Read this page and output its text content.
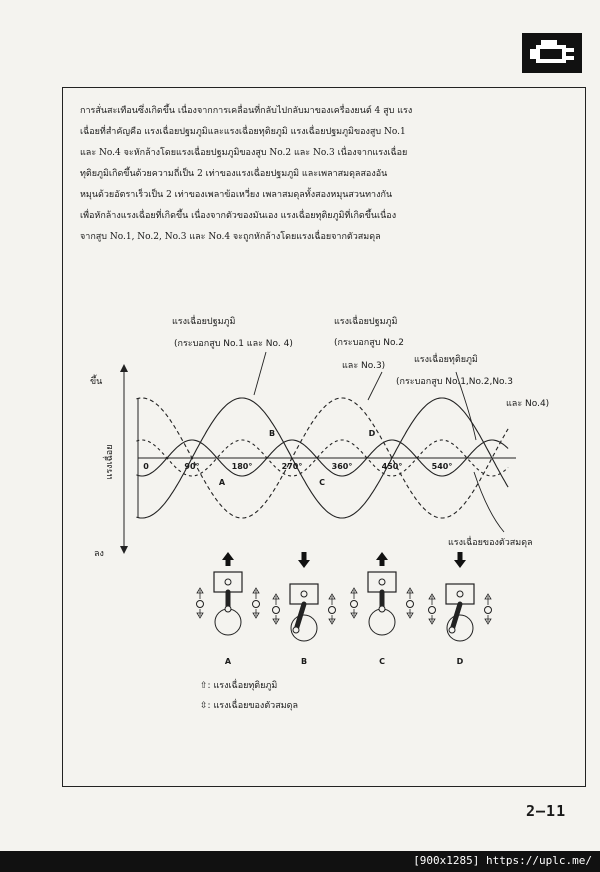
การสั่นสะเทือนซึ่งเกิดขึ้น เนื่องจากการเคลื่อนที่กลับไปกลับมาของเครื่องยนต์ 4 สูบ แรง
เฉื่อยที่สำคัญคือ แรงเฉื่อยปฐมภูมิและแรงเฉื่อยทุติยภูมิ แรงเฉื่อยปฐมภูมิของสูบ No.1
และ No.4 จะหักล้างโดยแรงเฉื่อยปฐมภูมิของสูบ No.2 และ No.3 เนื่องจากแรงเฉื่อย
ทุติยภูมิเกิดขึ้นด้วยความถี่เป็น 2 เท่าของแรงเฉื่อยปฐมภูมิ และเพลาสมดุลสองอัน
หมุนด้วยอัตราเร็วเป็น 2 เท่าของเพลาข้อเหวี่ยง เพลาสมดุลทั้งสองหมุนสวนทางกัน
เพื่อหักล้างแรงเฉื่อยที่เกิดขึ้น เนื่องจากตัวของมันเอง แรงเฉื่อยทุติยภูมิที่เกิดขึ้นเนื่อง
จากสูบ No.1, No.2, No.3 และ No.4 จะถูกหักล้างโดยแรงเฉื่อยจากตัวสมดุล
ขึ้น
ลง
แรงเฉื่อย	0	90°	180°	270°	360°	450°	540°
A
B
C
D
แรงเฉื่อยปฐมภูมิ
(กระบอกสูบ No.1 และ No. 4)
แรงเฉื่อยปฐมภูมิ
(กระบอกสูบ No.2
และ No.3)
แรงเฉื่อยทุติยภูมิ
(กระบอกสูบ No.1,No.2,No.3
และ No.4)
แรงเฉื่อยของตัวสมดุล
A	B	C	D
⇧: แรงเฉื่อยทุติยภูมิ
⇳: แรงเฉื่อยของตัวสมดุล
2–11
[900x1285] https://uplc.me/
